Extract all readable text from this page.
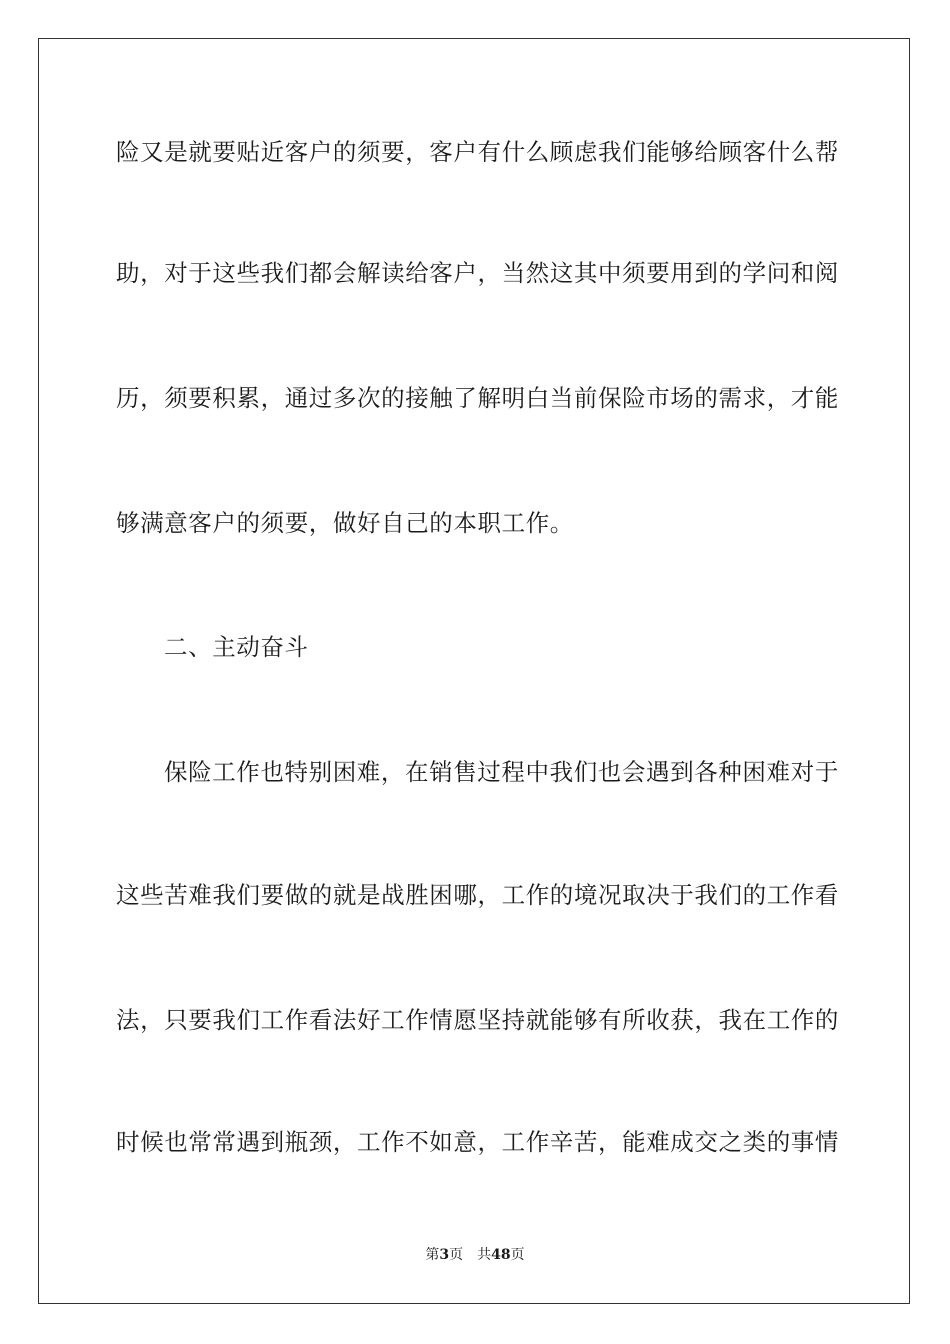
险又是就要贴近客户的须要，客户有什么顾虑我们能够给顾客什么帮
助，对于这些我们都会解读给客户，当然这其中须要用到的学问和阅
历，须要积累，通过多次的接触了解明白当前保险市场的需求，才能
够满意客户的须要，做好自己的本职工作。
二、主动奋斗
保险工作也特别困难，在销售过程中我们也会遇到各种困难对于
这些苦难我们要做的就是战胜困哪，工作的境况取决于我们的工作看
法，只要我们工作看法好工作情愿坚持就能够有所收获，我在工作的
时候也常常遇到瓶颈，工作不如意，工作辛苦，能难成交之类的事情
第3页　共48页
